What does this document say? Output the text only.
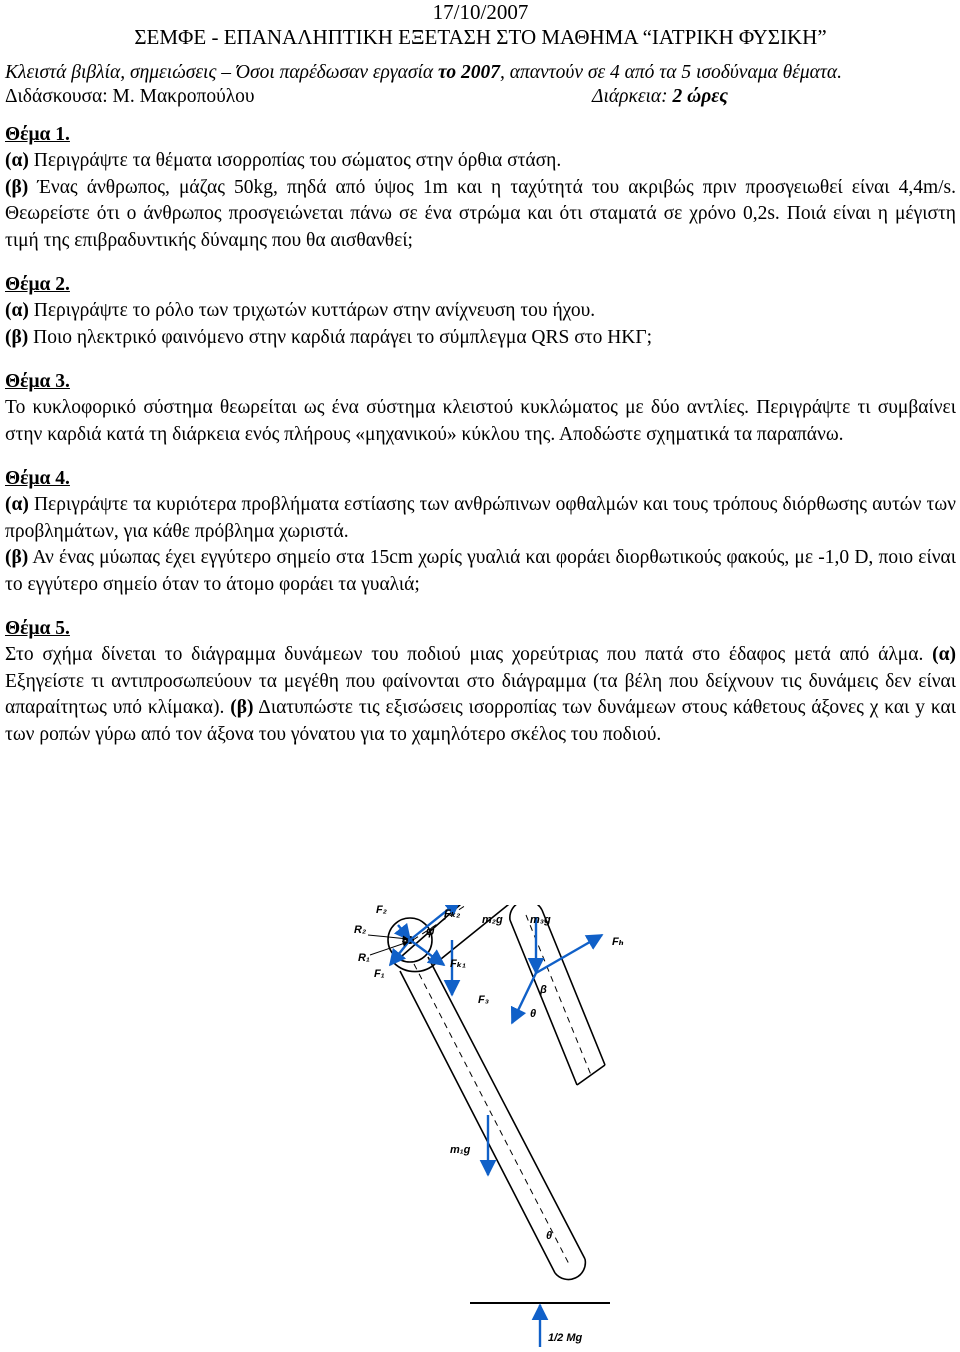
17/10/2007
ΣΕΜΦΕ - ΕΠΑΝΑΛΗΠΤΙΚΗ ΕΞΕΤΑΣΗ ΣΤΟ ΜΑΘΗΜΑ “ΙΑΤΡΙΚΗ ΦΥΣΙΚΗ”
Κλειστά βιβλία, σημειώσεις – Όσοι παρέδωσαν εργασία το 2007, απαντούν σε 4 από τα 5 ισοδύναμα θέματα.
Διδάσκουσα: Μ. Μακροπούλου	Διάρκεια: 2 ώρες
Θέμα 1.

(α) Περιγράψτε τα θέματα ισορροπίας του σώματος στην όρθια στάση.

(β) Ένας άνθρωπος, μάζας 50kg, πηδά από ύψος 1m και η ταχύτητά του ακριβώς πριν προσγειωθεί είναι 4,4m/s. Θεωρείστε ότι ο άνθρωπος προσγειώνεται πάνω σε ένα στρώμα και ότι σταματά σε χρόνο 0,2s. Ποιά είναι η μέγιστη τιμή της επιβραδυντικής δύναμης που θα αισθανθεί;

Θέμα 2.

(α) Περιγράψτε το ρόλο των τριχωτών κυττάρων στην ανίχνευση του ήχου.

(β) Ποιο ηλεκτρικό φαινόμενο στην καρδιά παράγει το σύμπλεγμα QRS στο ΗΚΓ;

Θέμα 3.

Το κυκλοφορικό σύστημα θεωρείται ως ένα σύστημα κλειστού κυκλώματος με δύο αντλίες. Περιγράψτε τι συμβαίνει στην καρδιά κατά τη διάρκεια ενός πλήρους «μηχανικού» κύκλου της. Αποδώστε σχηματικά τα παραπάνω.

Θέμα 4.

(α) Περιγράψτε τα κυριότερα προβλήματα εστίασης των ανθρώπινων οφθαλμών και τους τρόπους διόρθωσης αυτών των προβλημάτων, για κάθε πρόβλημα χωριστά.

(β) Αν ένας μύωπας έχει εγγύτερο σημείο στα 15cm χωρίς γυαλιά και φοράει διορθωτικούς φακούς, με -1,0 D, ποιο είναι το εγγύτερο σημείο όταν το άτομο φοράει τα γυαλιά;

Θέμα 5.

Στο σχήμα δίνεται το διάγραμμα δυνάμεων του ποδιού μιας χορεύτριας που πατά στο έδαφος μετά από άλμα. (α) Εξηγείστε τι αντιπροσωπεύουν τα μεγέθη που φαίνονται στο διάγραμμα (τα βέλη που δείχνουν τις δυνάμεις δεν είναι απαραίτητως υπό κλίμακα). (β) Διατυπώστε τις εξισώσεις ισορροπίας των δυνάμεων στους κάθετους άξονες χ και y και των ροπών γύρω από τον άξονα του γόνατου για το χαμηλότερο σκέλος του ποδιού.

m₃g
Fₕ
F₃
β
θ
Fₖ₂ m₂g
F₂
R₂	ψ
R₁
F₁
Fₖ₁
m₁g
θ
1/2 Mg
